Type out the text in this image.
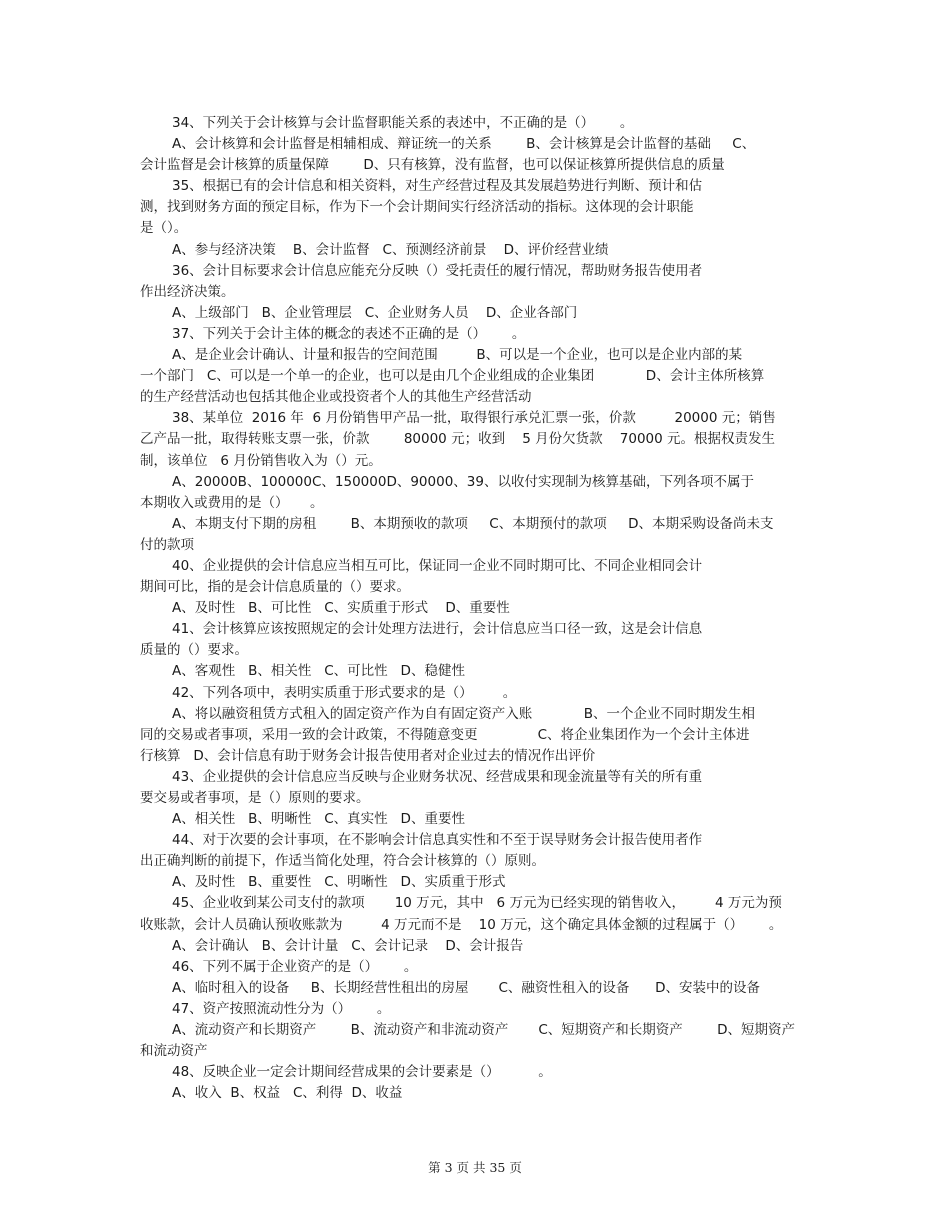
34、下列关于会计核算与会计监督职能关系的表述中，不正确的是（）      。
A、会计核算和会计监督是相辅相成、辩证统一的关系        B、会计核算是会计监督的基础     C、
会计监督是会计核算的质量保障        D、只有核算，没有监督，也可以保证核算所提供信息的质量
35、根据已有的会计信息和相关资料，对生产经营过程及其发展趋势进行判断、预计和估
测，找到财务方面的预定目标，作为下一个会计期间实行经济活动的指标。这体现的会计职能
是（）。
A、参与经济决策    B、会计监督   C、预测经济前景    D、评价经营业绩
36、会计目标要求会计信息应能充分反映（）受托责任的履行情况，帮助财务报告使用者
作出经济决策。
A、上级部门   B、企业管理层   C、企业财务人员    D、企业各部门
37、下列关于会计主体的概念的表述不正确的是（）      。
A、是企业会计确认、计量和报告的空间范围         B、可以是一个企业，也可以是企业内部的某
一个部门   C、可以是一个单一的企业，也可以是由几个企业组成的企业集团            D、会计主体所核算
的生产经营活动也包括其他企业或投资者个人的其他生产经营活动
38、某单位  2016 年  6 月份销售甲产品一批，取得银行承兑汇票一张，价款         20000 元；销售
乙产品一批，取得转账支票一张，价款        80000 元；收到    5 月份欠货款    70000 元。根据权责发生
制，该单位   6 月份销售收入为（）元。
A、20000B、100000C、150000D、90000、39、以收付实现制为核算基础，下列各项不属于
本期收入或费用的是（）     。
A、本期支付下期的房租        B、本期预收的款项     C、本期预付的款项     D、本期采购设备尚未支
付的款项
40、企业提供的会计信息应当相互可比，保证同一企业不同时期可比、不同企业相同会计
期间可比，指的是会计信息质量的（）要求。
A、及时性   B、可比性   C、实质重于形式    D、重要性
41、会计核算应该按照规定的会计处理方法进行，会计信息应当口径一致，这是会计信息
质量的（）要求。
A、客观性   B、相关性   C、可比性   D、稳健性
42、下列各项中，表明实质重于形式要求的是（）       。
A、将以融资租赁方式租入的固定资产作为自有固定资产入账            B、一个企业不同时期发生相
同的交易或者事项，采用一致的会计政策，不得随意变更              C、将企业集团作为一个会计主体进
行核算   D、会计信息有助于财务会计报告使用者对企业过去的情况作出评价
43、企业提供的会计信息应当反映与企业财务状况、经营成果和现金流量等有关的所有重
要交易或者事项，是（）原则的要求。
A、相关性   B、明晰性   C、真实性   D、重要性
44、对于次要的会计事项，在不影响会计信息真实性和不至于误导财务会计报告使用者作
出正确判断的前提下，作适当简化处理，符合会计核算的（）原则。
A、及时性   B、重要性   C、明晰性   D、实质重于形式
45、企业收到某公司支付的款项       10 万元，其中   6 万元为已经实现的销售收入，       4 万元为预
收账款，会计人员确认预收账款为         4 万元而不是    10 万元，这个确定具体金额的过程属于（）      。
A、会计确认   B、会计计量   C、会计记录    D、会计报告
46、下列不属于企业资产的是（）      。
A、临时租入的设备     B、长期经营性租出的房屋       C、融资性租入的设备      D、安装中的设备
47、资产按照流动性分为（）      。
A、流动资产和长期资产        B、流动资产和非流动资产       C、短期资产和长期资产        D、短期资产
和流动资产
48、反映企业一定会计期间经营成果的会计要素是（）         。
A、收入  B、权益   C、利得  D、收益
第 3 页 共 35 页
